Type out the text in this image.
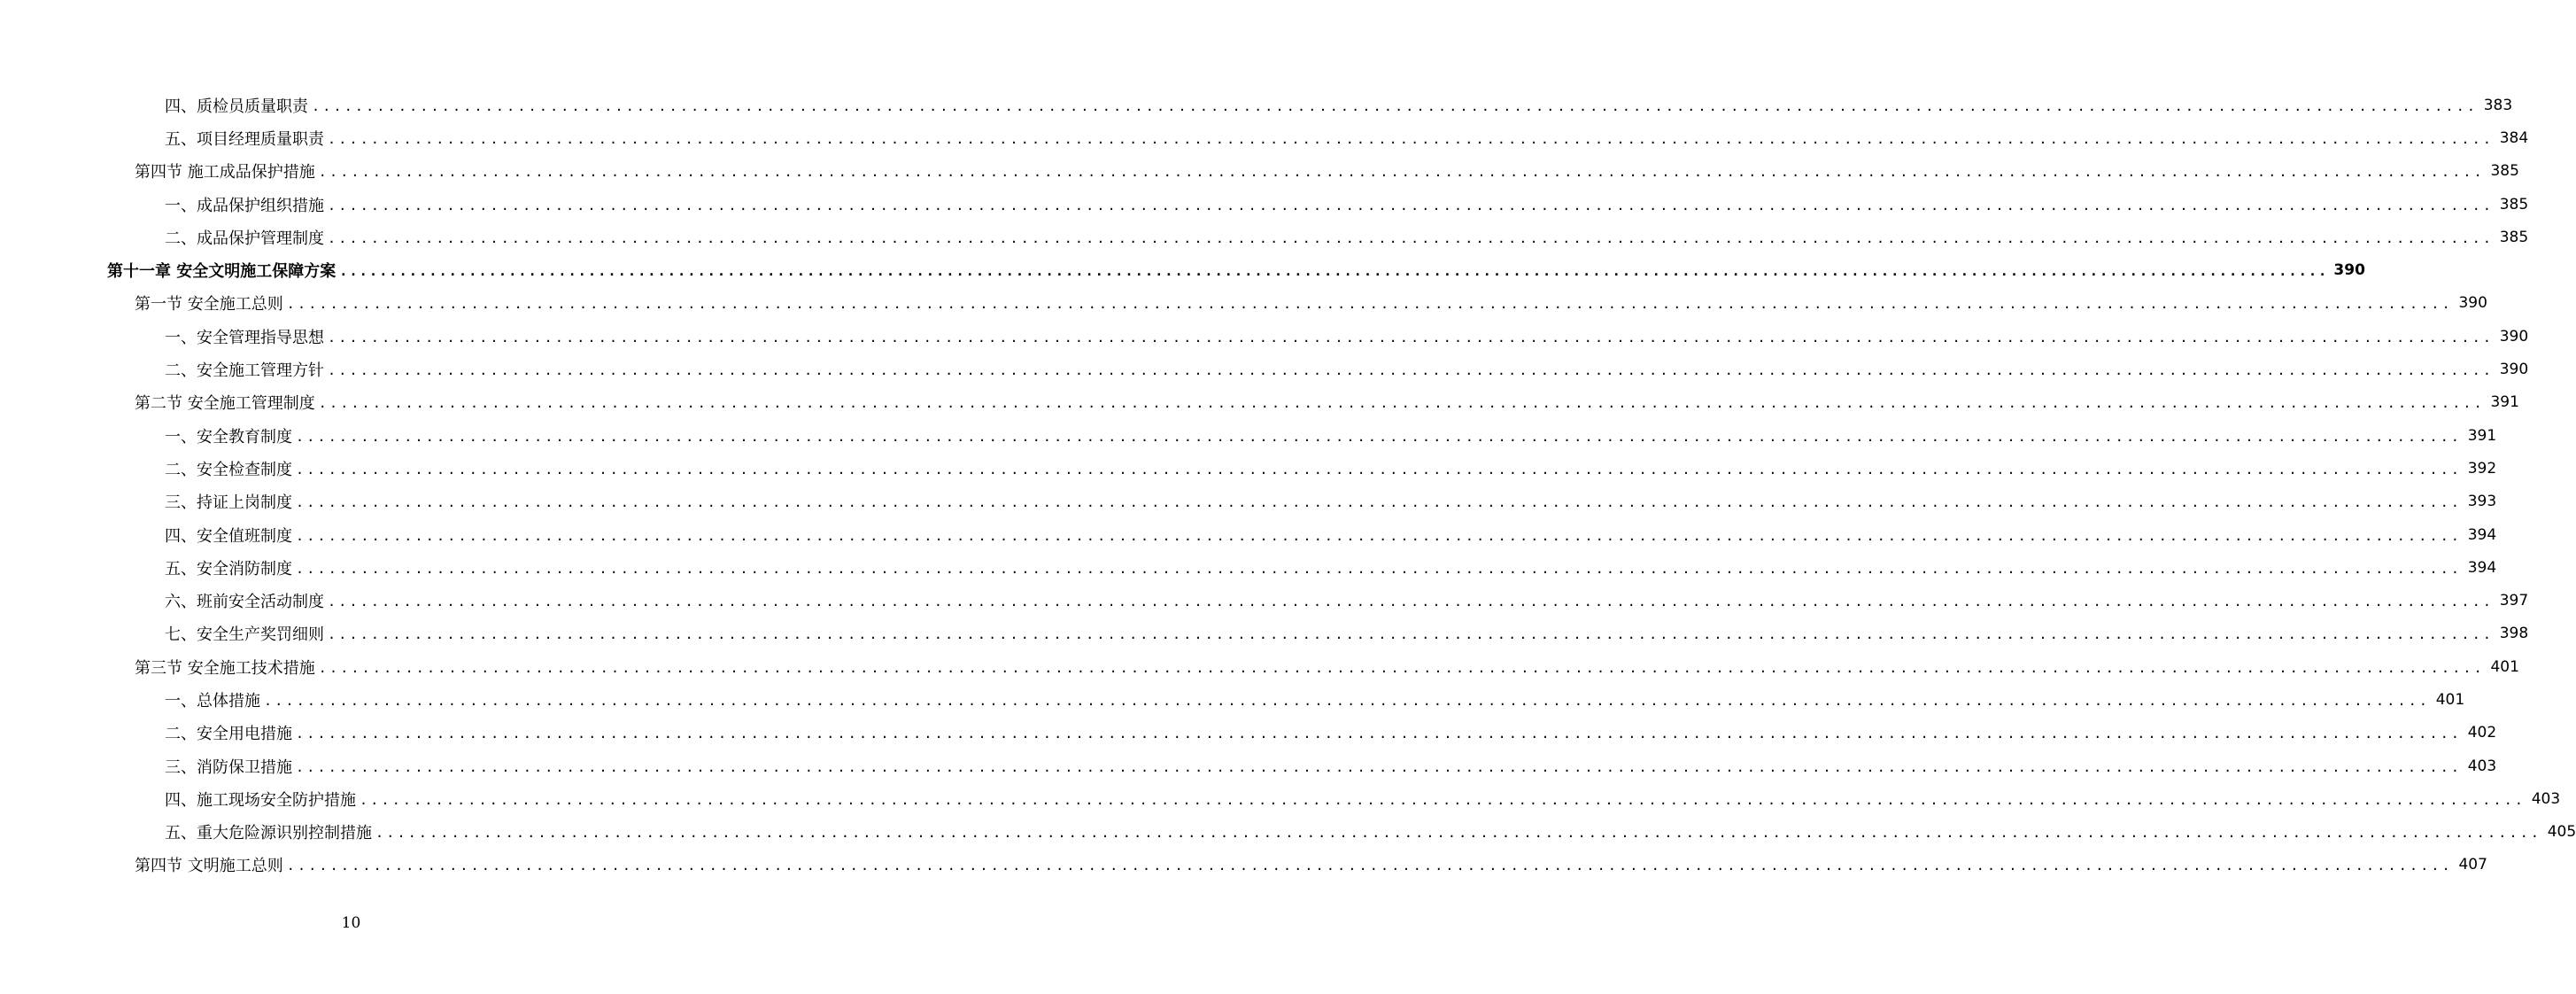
四、质检员质量职责 ........................................................................................................................................................................................................ 383
五、项目经理质量职责 ........................................................................................................................................................................................................ 384
第四节 施工成品保护措施 ........................................................................................................................................................................................................ 385
一、成品保护组织措施 ........................................................................................................................................................................................................ 385
二、成品保护管理制度 ........................................................................................................................................................................................................ 385
第十一章 安全文明施工保障方案 ........................................................................................................................................................................................................ 390
第一节 安全施工总则 ........................................................................................................................................................................................................ 390
一、安全管理指导思想 ........................................................................................................................................................................................................ 390
二、安全施工管理方针 ........................................................................................................................................................................................................ 390
第二节 安全施工管理制度 ........................................................................................................................................................................................................ 391
一、安全教育制度 ........................................................................................................................................................................................................ 391
二、安全检查制度 ........................................................................................................................................................................................................ 392
三、持证上岗制度 ........................................................................................................................................................................................................ 393
四、安全值班制度 ........................................................................................................................................................................................................ 394
五、安全消防制度 ........................................................................................................................................................................................................ 394
六、班前安全活动制度 ........................................................................................................................................................................................................ 397
七、安全生产奖罚细则 ........................................................................................................................................................................................................ 398
第三节 安全施工技术措施 ........................................................................................................................................................................................................ 401
一、总体措施 ........................................................................................................................................................................................................ 401
二、安全用电措施 ........................................................................................................................................................................................................ 402
三、消防保卫措施 ........................................................................................................................................................................................................ 403
四、施工现场安全防护措施 ........................................................................................................................................................................................................ 403
五、重大危险源识别控制措施 ........................................................................................................................................................................................................ 405
第四节 文明施工总则 ........................................................................................................................................................................................................ 407
10
